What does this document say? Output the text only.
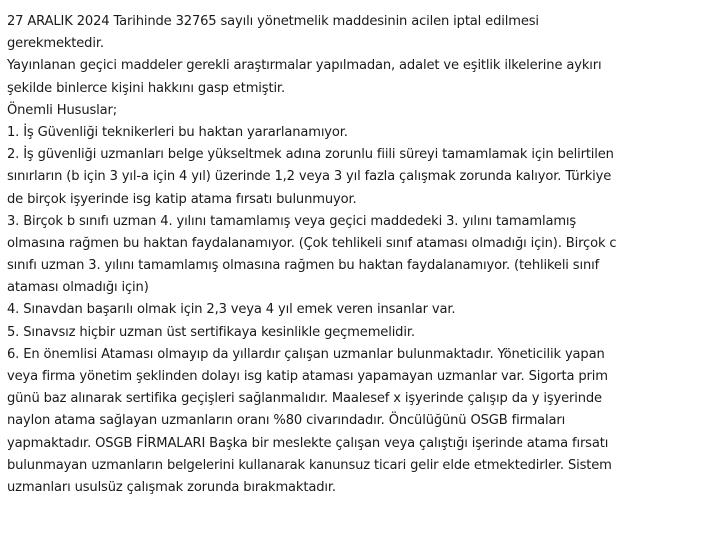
27 ARALIK 2024 Tarihinde 32765 sayılı yönetmelik maddesinin acilen iptal edilmesi
gerekmektedir.
Yayınlanan geçici maddeler gerekli araştırmalar yapılmadan, adalet ve eşitlik ilkelerine aykırı
şekilde binlerce kişini hakkını gasp etmiştir.
Önemli Hususlar;
1. İş Güvenliği teknikerleri bu haktan yararlanamıyor.
2. İş güvenliği uzmanları belge yükseltmek adına zorunlu fiili süreyi tamamlamak için belirtilen
sınırların (b için 3 yıl-a için 4 yıl) üzerinde 1,2 veya 3 yıl fazla çalışmak zorunda kalıyor. Türkiye
de birçok işyerinde isg katip atama fırsatı bulunmuyor.
3. Birçok b sınıfı uzman 4. yılını tamamlamış veya geçici maddedeki 3. yılını tamamlamış
olmasına rağmen bu haktan faydalanamıyor. (Çok tehlikeli sınıf ataması olmadığı için). Birçok c
sınıfı uzman 3. yılını tamamlamış olmasına rağmen bu haktan faydalanamıyor. (tehlikeli sınıf
ataması olmadığı için)
4. Sınavdan başarılı olmak için 2,3 veya 4 yıl emek veren insanlar var.
5. Sınavsız hiçbir uzman üst sertifikaya kesinlikle geçmemelidir.
6. En önemlisi Ataması olmayıp da yıllardır çalışan uzmanlar bulunmaktadır. Yöneticilik yapan
veya firma yönetim şeklinden dolayı isg katip ataması yapamayan uzmanlar var. Sigorta prim
günü baz alınarak sertifika geçişleri sağlanmalıdır. Maalesef x işyerinde çalışıp da y işyerinde
naylon atama sağlayan uzmanların oranı %80 civarındadır. Öncülüğünü OSGB firmaları
yapmaktadır. OSGB FİRMALARI Başka bir meslekte çalışan veya çalıştığı işerinde atama fırsatı
bulunmayan uzmanların belgelerini kullanarak kanunsuz ticari gelir elde etmektedirler. Sistem
uzmanları usulsüz çalışmak zorunda bırakmaktadır.
